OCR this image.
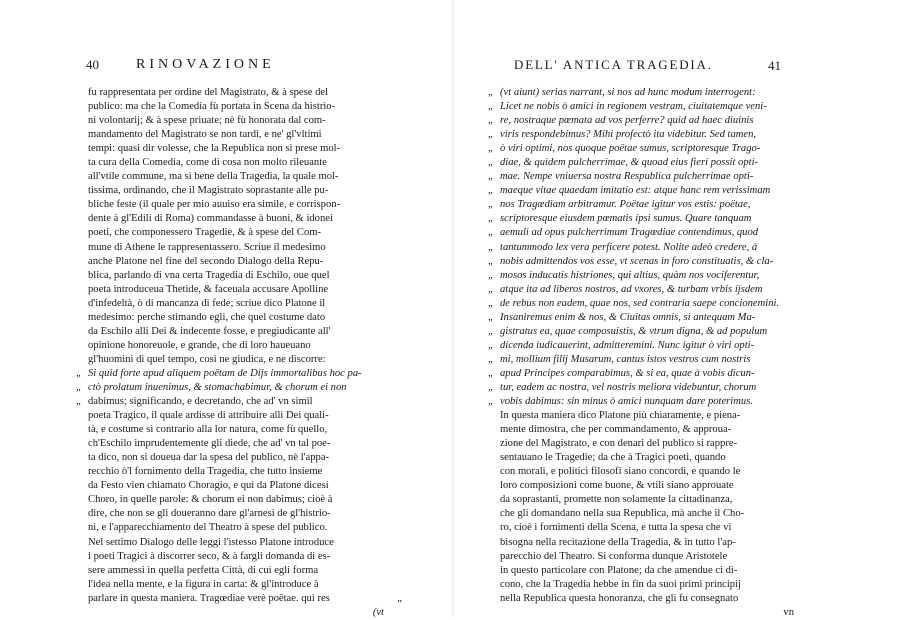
40	RINOVAZIONE
fu rappresentata per ordine del Magistrato, & à spese del
publico: ma che la Comedia fù portata in Scena da histrio-
ni volontarij; & à spese priuate; nè fù honorata dal com-
mandamento del Magistrato se non tardi, e ne' gl'vltimi
tempi: quasi dir volesse, che la Republica non si prese mol-
ta cura della Comedia, come di cosa non molto rileuante
all'vtile commune, ma sì bene della Tragedia, la quale mol-
tissima, ordinando, che il Magistrato soprastante alle pu-
bliche feste (il quale per mio auuiso era simile, e corrispon-
dente à gl'Edili di Roma) commandasse à buoni, & idonei
poeti, che componessero Tragedie, & à spese del Com-
mune di Athene le rappresentassero. Scriue il medesimo
anche Platone nel fine del secondo Dialogo della Repu-
blica, parlando di vna certa Tragedia di Eschilo, oue quel
poeta introduceua Thetide, & faceuala accusare Apolline
d'infedeltà, ò di mancanza di fede; scriue dico Platone il
medesimo: perche stimando egli, che quel costume dato
da Eschilo alli Dei & indecente fosse, e pregiudicante all'
opinione honoreuole, e grande, che di loro haueuano
gl'huomini di quel tempo, così ne giudica, e ne discorre:
„ Si quid forte apud aliquem poëtam de Dijs immortalibus hoc pa-
„ ctò prolatum inuenimus, & stomachabimur, & chorum ei non
„ dabimus; significando, e decretando, che ad' vn simil
poeta Tragico, il quale ardisse di attribuire alli Dei quali-
tà, e costume sì contrario alla lor natura, come fù quello,
ch'Eschilo imprudentemente gli diede, che ad' vn tal poe-
ta dico, non si doueua dar la spesa del publico, nè l'appa-
recchio ò'l fornimento della Tragedia, che tutto insieme
da Festo vien chiamato Choragio, e qui da Platone dicesi
Choro, in quelle parole: & chorum ei non dabimus; cioè à
dire, che non se gli doueranno dare gl'arnesi de gl'histrio-
ni, e l'apparecchiamento del Theatro à spese del publico.
Nel settimo Dialogo delle leggi l'istesso Platone introduce
i poeti Tragici à discorrer seco, & à fargli domanda di es-
sere ammessi in quella perfetta Città, di cui egli forma
l'idea nella mente, e la figura in carta: & gl'introduce à
parlare in questa maniera. Tragœdiae verè poëtae. qui res	„
(vt
DELL' ANTICA TRAGEDIA.	41
„ (vt aiunt) serias narrant, si nos ad hunc modum interrogent:
„ Licet ne nobis ò amici in regionem vestram, ciuitatemque veni-
„ re, nostraque pœmata ad vos perferre? quid ad haec diuinis
„ viris respondebimus? Mihi profectò ita videbitur. Sed tamen,
„ ò viri optimi, nos quoque poëtae sumus, scriptoresque Trago-
„ diae, & quidem pulcherrimae, & quoad eius fieri possit opti-
„ mae. Nempe vniuersa nostra Respublica pulcherrimae opti-
„ maeque vitae quaedam imitatio est: atque hanc rem verissimam
„ nos Tragœdiam arbitramur. Poëtae igitur vos estis: poëtae,
„ scriptoresque eiusdem pœmatis ipsi sumus. Quare tanquam
„ aemuli ad opus pulcherrimum Tragœdiae contendimus, quod
„ tantummodo lex vera perficere potest. Nolite adeò credere, à
„ nobis admittendos vos esse, vt scenas in foro constituatis, & cla-
„ mosos inducatis histriones, qui altius, quàm nos vociferentur,
„ atque ita ad liberos nostros, ad vxores, & turbam vrbis ijsdem
„ de rebus non eadem, quae nos, sed contraria saepe concionemini.
„ Insaniremus enim & nos, & Ciuitas omnis, si antequam Ma-
„ gistratus ea, quae composuistis, & vtrum digna, & ad populum
„ dicenda iudicauerint, admitteremini. Nunc igitur ò viri opti-
„ mi, mollium filij Musarum, cantus istos vestros cum nostris
„ apud Principes comparabimus, & si ea, quae à vobis dicun-
„ tur, eadem ac nostra, vel nostris meliora videbuntur, chorum
„ vobis dabimus: sin minus ò amici nunquam dare poterimus.
In questa maniera dico Platone più chiaramente, e piena-
mente dimostra, che per commandamento, & approua-
zione del Magistrato, e con denari del publico si rappre-
sentauano le Tragedie; da che à Tragici poeti, quando
con morali, e politici filosofi siano concordi, e quando le
loro composizioni come buone, & vtili siano approuate
da soprastanti, promette non solamente la cittadinanza,
che gli domandano nella sua Republica, mà anche il Cho-
ro, cioè i fornimenti della Scena, e tutta la spesa che vi
bisogna nella recitazione della Tragedia, & in tutto l'ap-
parecchio del Theatro. Si conforma dunque Aristotele
in questo particolare con Platone; da che amendue ci di-
cono, che la Tragedia hebbe in fin da suoi primi principij
nella Republica questa honoranza, che gli fu consegnato
vn
